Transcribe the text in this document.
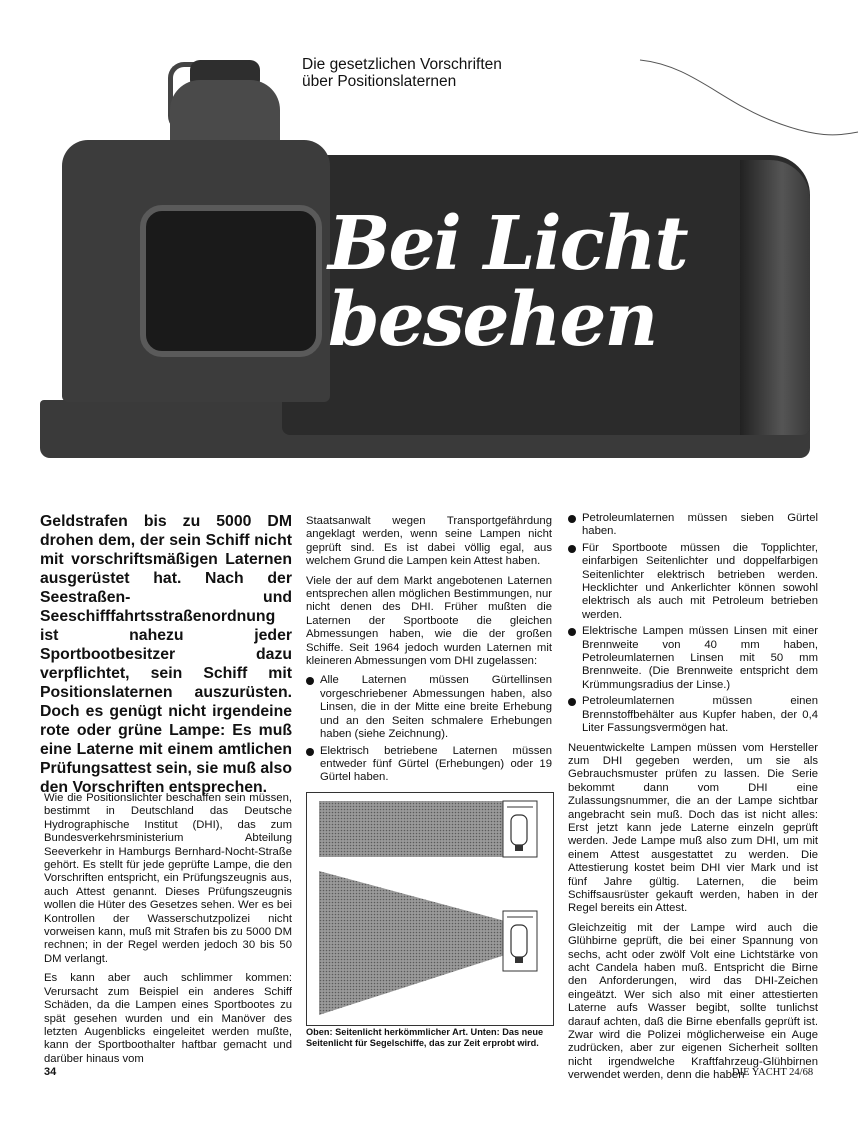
Die gesetzlichen Vorschriften
über Positionslaternen
Bei Licht
besehen
Geldstrafen bis zu 5000 DM drohen dem, der sein Schiff nicht mit vorschriftsmäßigen Laternen ausgerüstet hat. Nach der Seestraßen- und Seeschifffahrtsstraßenordnung ist nahezu jeder Sportbootbesitzer dazu verpflichtet, sein Schiff mit Positionslaternen auszurüsten. Doch es genügt nicht irgendeine rote oder grüne Lampe: Es muß eine Laterne mit einem amtlichen Prüfungsattest sein, sie muß also den Vorschriften entsprechen.

Wie die Positionslichter beschaffen sein müssen, bestimmt in Deutschland das Deutsche Hydrographische Institut (DHI), das zum Bundesverkehrsministerium Abteilung Seeverkehr in Hamburgs Bernhard-Nocht-Straße gehört. Es stellt für jede geprüfte Lampe, die den Vorschriften entspricht, ein Prüfungszeugnis aus, auch Attest genannt. Dieses Prüfungszeugnis wollen die Hüter des Gesetzes sehen. Wer es bei Kontrollen der Wasserschutzpolizei nicht vorweisen kann, muß mit Strafen bis zu 5000 DM rechnen; in der Regel werden jedoch 30 bis 50 DM verlangt.

Es kann aber auch schlimmer kommen: Verursacht zum Beispiel ein anderes Schiff Schäden, da die Lampen eines Sportbootes zu spät gesehen wurden und ein Manöver des letzten Augenblicks eingeleitet werden mußte, kann der Sportboothalter haftbar gemacht und darüber hinaus vom

Staatsanwalt wegen Transportgefährdung angeklagt werden, wenn seine Lampen nicht geprüft sind. Es ist dabei völlig egal, aus welchem Grund die Lampen kein Attest haben.

Viele der auf dem Markt angebotenen Laternen entsprechen allen möglichen Bestimmungen, nur nicht denen des DHI. Früher mußten die Laternen der Sportboote die gleichen Abmessungen haben, wie die der großen Schiffe. Seit 1964 jedoch wurden Laternen mit kleineren Abmessungen vom DHI zugelassen:

Alle Laternen müssen Gürtellinsen vorgeschriebener Abmessungen haben, also Linsen, die in der Mitte eine breite Erhebung und an den Seiten schmalere Erhebungen haben (siehe Zeichnung).
Elektrisch betriebene Laternen müssen entweder fünf Gürtel (Erhebungen) oder 19 Gürtel haben.
Oben: Seitenlicht herkömmlicher Art. Unten: Das neue Seitenlicht für Segelschiffe, das zur Zeit erprobt wird.
Petroleumlaternen müssen sieben Gürtel haben.
Für Sportboote müssen die Topplichter, einfarbigen Seitenlichter und doppelfarbigen Seitenlichter elektrisch betrieben werden. Hecklichter und Ankerlichter können sowohl elektrisch als auch mit Petroleum betrieben werden.
Elektrische Lampen müssen Linsen mit einer Brennweite von 40 mm haben, Petroleumlaternen Linsen mit 50 mm Brennweite. (Die Brennweite entspricht dem Krümmungsradius der Linse.)
Petroleumlaternen müssen einen Brennstoffbehälter aus Kupfer haben, der 0,4 Liter Fassungsvermögen hat.

Neuentwickelte Lampen müssen vom Hersteller zum DHI gegeben werden, um sie als Gebrauchsmuster prüfen zu lassen. Die Serie bekommt dann vom DHI eine Zulassungsnummer, die an der Lampe sichtbar angebracht sein muß. Doch das ist nicht alles: Erst jetzt kann jede Laterne einzeln geprüft werden. Jede Lampe muß also zum DHI, um mit einem Attest ausgestattet zu werden. Die Attestierung kostet beim DHI vier Mark und ist fünf Jahre gültig. Laternen, die beim Schiffsausrüster gekauft werden, haben in der Regel bereits ein Attest.

Gleichzeitig mit der Lampe wird auch die Glühbirne geprüft, die bei einer Spannung von sechs, acht oder zwölf Volt eine Lichtstärke von acht Candela haben muß. Entspricht die Birne den Anforderungen, wird das DHI-Zeichen eingeätzt. Wer sich also mit einer attestierten Laterne aufs Wasser begibt, sollte tunlichst darauf achten, daß die Birne ebenfalls geprüft ist. Zwar wird die Polizei möglicherweise ein Auge zudrücken, aber zur eigenen Sicherheit sollten nicht irgendwelche Kraftfahrzeug-Glühbirnen verwendet werden, denn die haben

34	DIE YACHT 24/68
